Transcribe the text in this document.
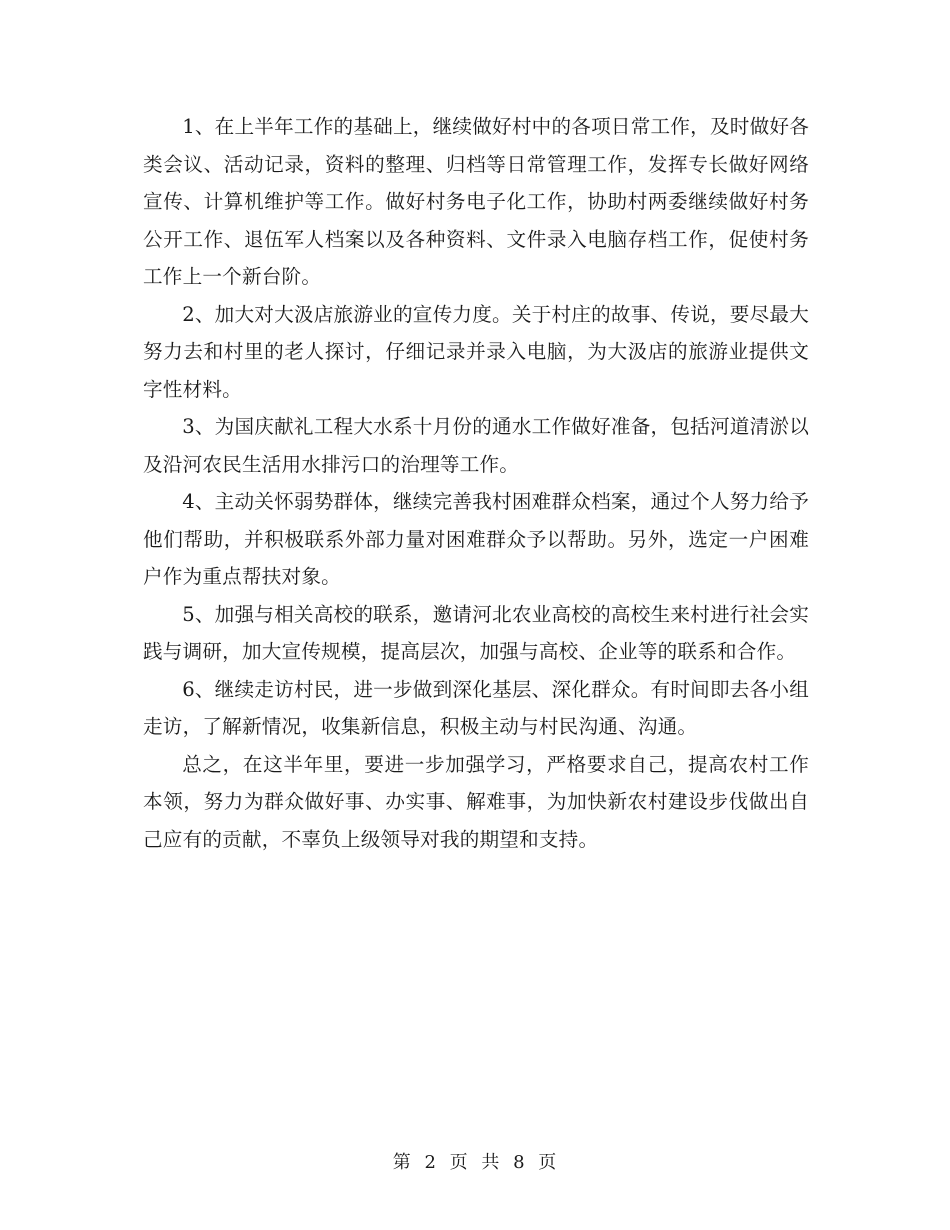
1、在上半年工作的基础上，继续做好村中的各项日常工作，及时做好各类会议、活动记录，资料的整理、归档等日常管理工作，发挥专长做好网络宣传、计算机维护等工作。做好村务电子化工作，协助村两委继续做好村务公开工作、退伍军人档案以及各种资料、文件录入电脑存档工作，促使村务工作上一个新台阶。

2、加大对大汲店旅游业的宣传力度。关于村庄的故事、传说，要尽最大努力去和村里的老人探讨，仔细记录并录入电脑，为大汲店的旅游业提供文字性材料。

3、为国庆献礼工程大水系十月份的通水工作做好准备，包括河道清淤以及沿河农民生活用水排污口的治理等工作。

4、主动关怀弱势群体，继续完善我村困难群众档案，通过个人努力给予他们帮助，并积极联系外部力量对困难群众予以帮助。另外，选定一户困难户作为重点帮扶对象。

5、加强与相关高校的联系，邀请河北农业高校的高校生来村进行社会实践与调研，加大宣传规模，提高层次，加强与高校、企业等的联系和合作。

6、继续走访村民，进一步做到深化基层、深化群众。有时间即去各小组走访，了解新情况，收集新信息，积极主动与村民沟通、沟通。

总之，在这半年里，要进一步加强学习，严格要求自己，提高农村工作本领，努力为群众做好事、办实事、解难事，为加快新农村建设步伐做出自己应有的贡献，不辜负上级领导对我的期望和支持。

第 2 页 共 8 页
